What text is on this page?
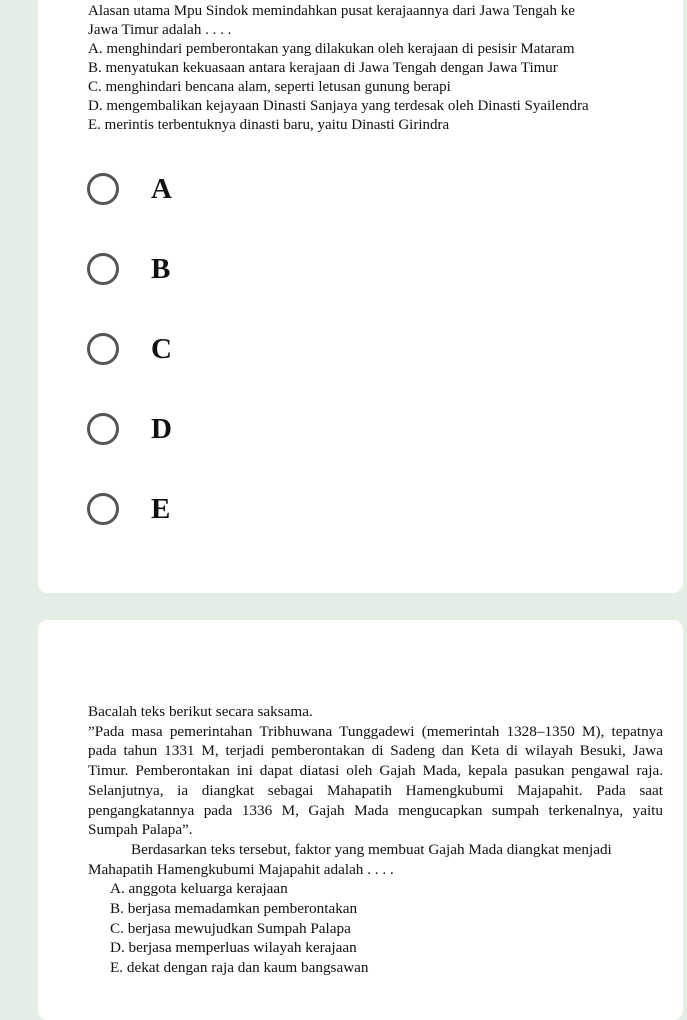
Alasan utama Mpu Sindok memindahkan pusat kerajaannya dari Jawa Tengah ke
Jawa Timur adalah . . . .
A. menghindari pemberontakan yang dilakukan oleh kerajaan di pesisir Mataram
B. menyatukan kekuasaan antara kerajaan di Jawa Tengah dengan Jawa Timur
C. menghindari bencana alam, seperti letusan gunung berapi
D. mengembalikan kejayaan Dinasti Sanjaya yang terdesak oleh Dinasti Syailendra
E. merintis terbentuknya dinasti baru, yaitu Dinasti Girindra
A
B
C
D
E
Bacalah teks berikut secara saksama.
”Pada masa pemerintahan Tribhuwana Tunggadewi (memerintah 1328–1350 M), tepatnya pada tahun 1331 M, terjadi pemberontakan di Sadeng dan Keta di wilayah Besuki, Jawa Timur. Pemberontakan ini dapat diatasi oleh Gajah Mada, kepala pasukan pengawal raja. Selanjutnya, ia diangkat sebagai Mahapatih Hamengkubumi Majapahit. Pada saat pengangkatannya pada 1336 M, Gajah Mada mengucapkan sumpah terkenalnya, yaitu Sumpah Palapa”.
Berdasarkan teks tersebut, faktor yang membuat Gajah Mada diangkat menjadi Mahapatih Hamengkubumi Majapahit adalah . . . .
A. anggota keluarga kerajaan
B. berjasa memadamkan pemberontakan
C. berjasa mewujudkan Sumpah Palapa
D. berjasa memperluas wilayah kerajaan
E. dekat dengan raja dan kaum bangsawan
